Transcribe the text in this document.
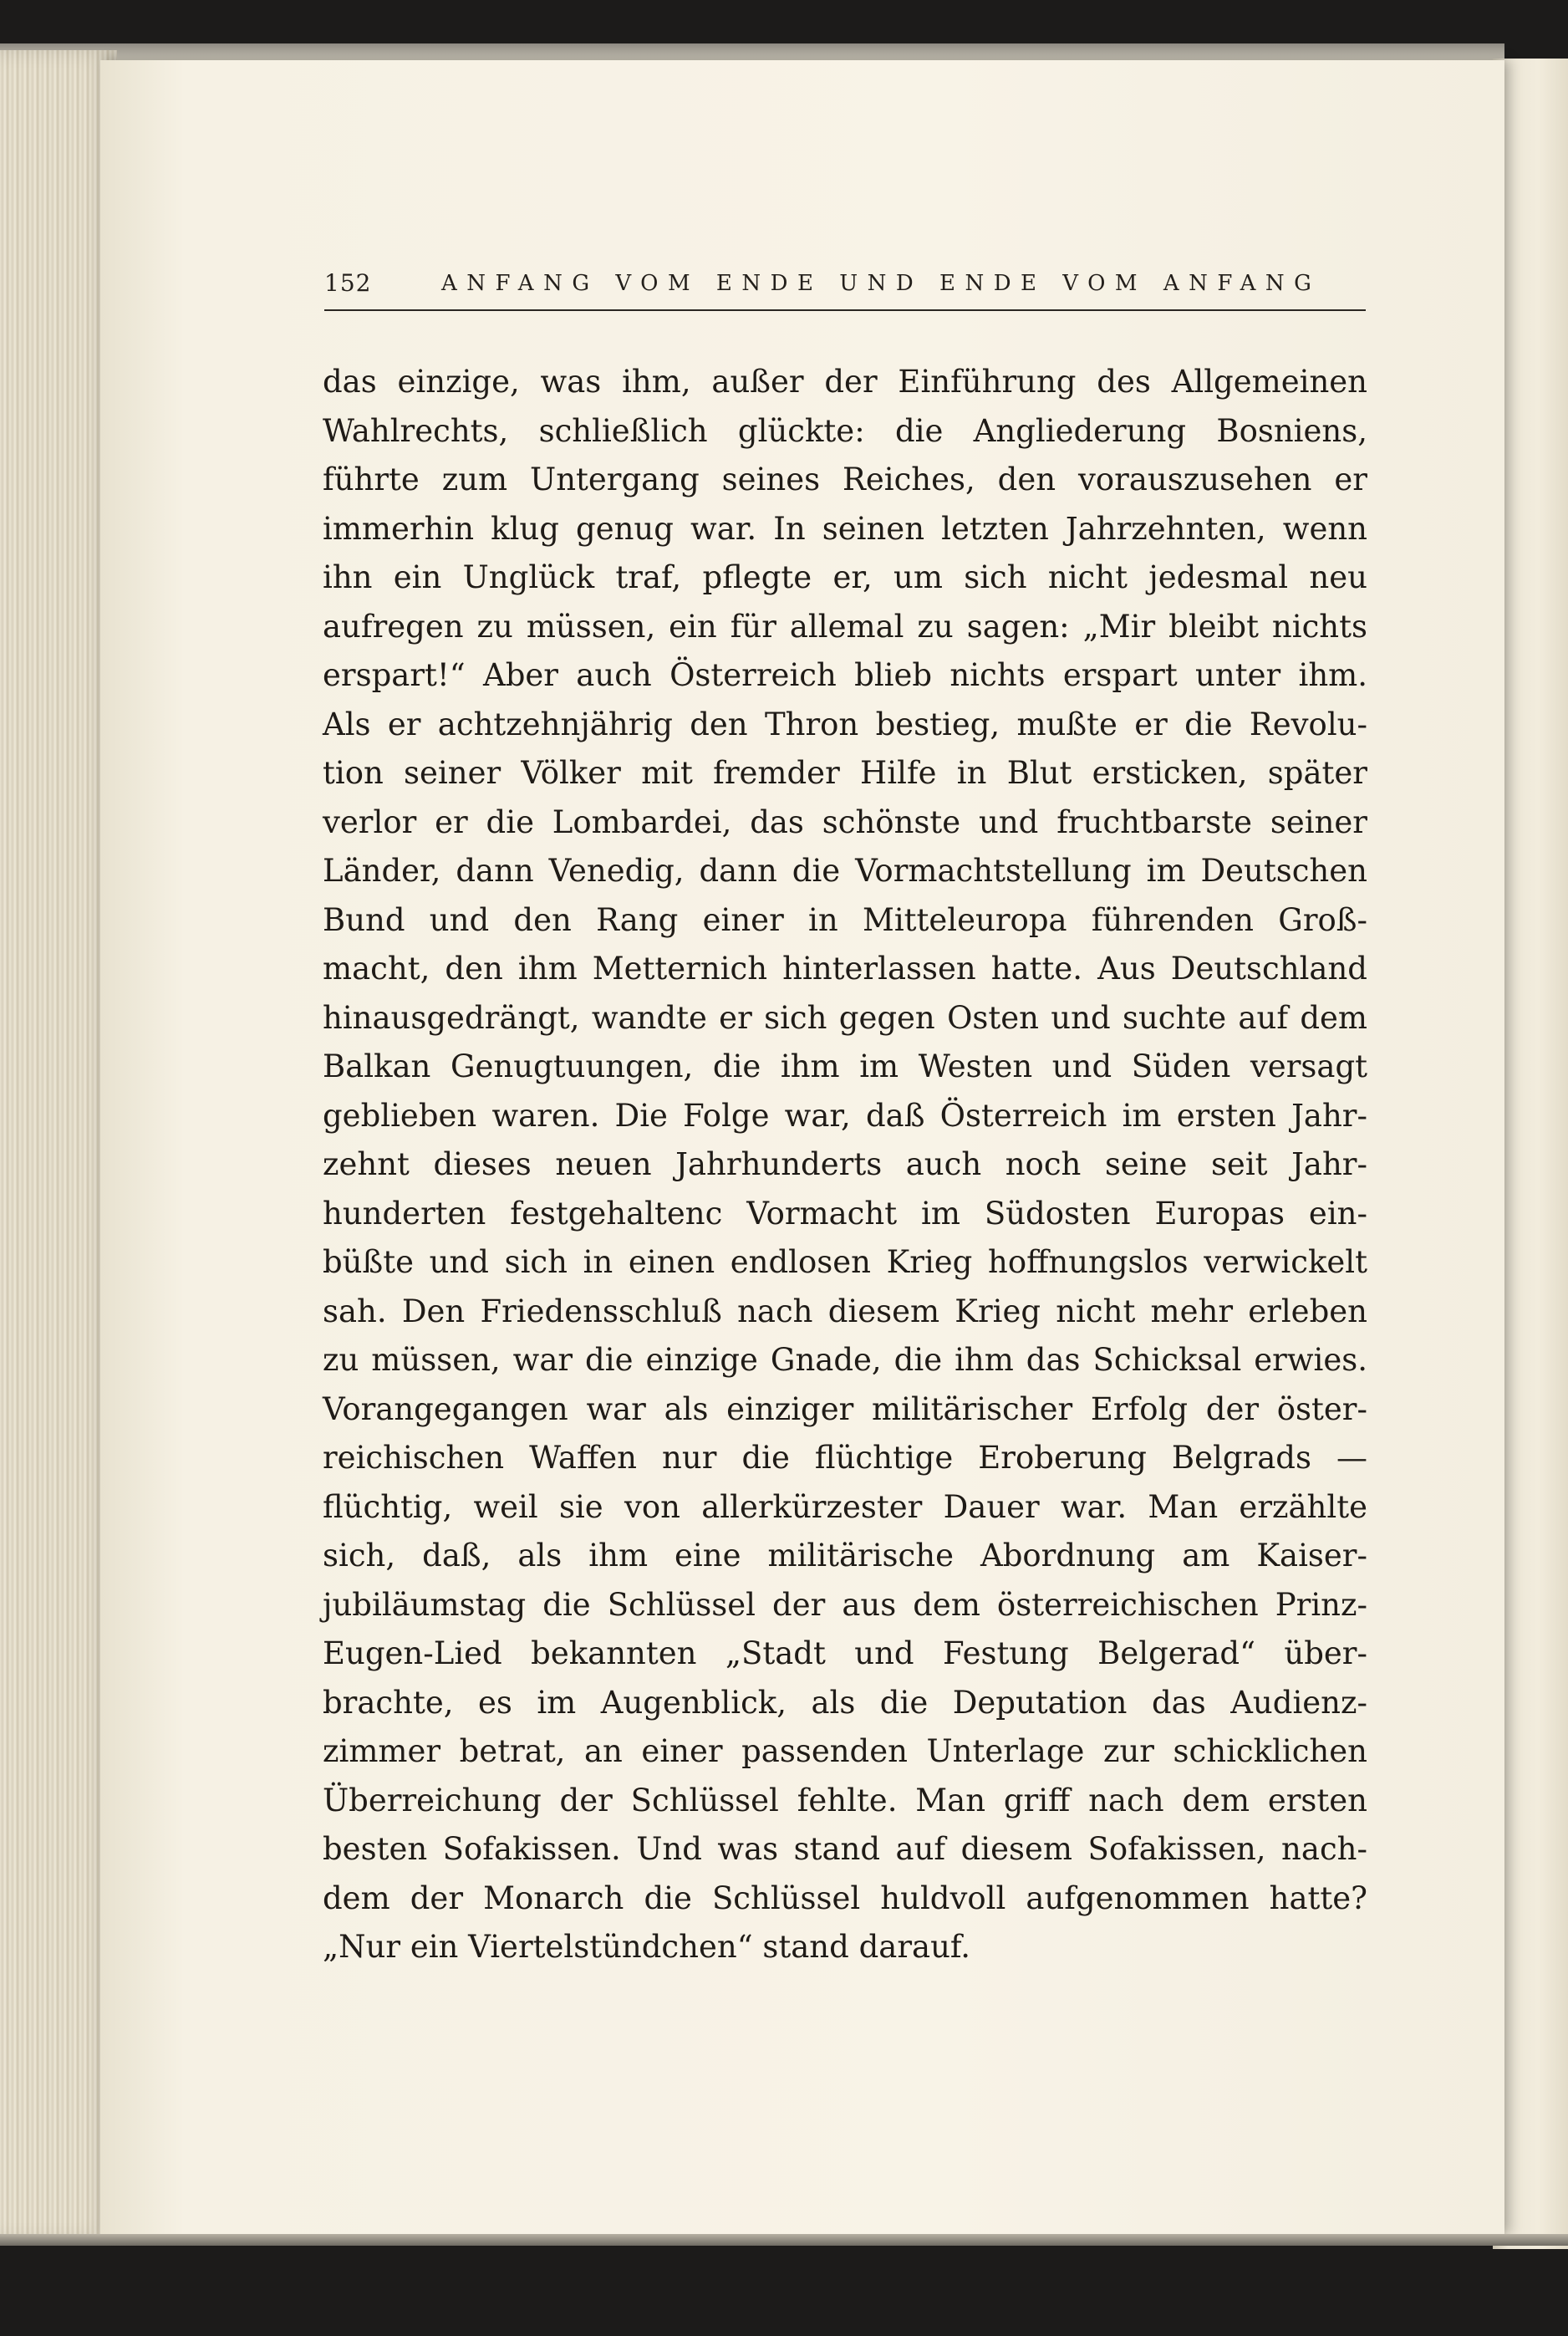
152	ANFANG VOM ENDE UND ENDE VOM ANFANG
das einzige, was ihm, außer der Einführung des Allgemeinen
Wahlrechts, schließlich glückte: die Angliederung Bosniens,
führte zum Untergang seines Reiches, den vorauszusehen er
immerhin klug genug war. In seinen letzten Jahrzehnten, wenn
ihn ein Unglück traf, pflegte er, um sich nicht jedesmal neu
aufregen zu müssen, ein für allemal zu sagen: „Mir bleibt nichts
erspart!“ Aber auch Österreich blieb nichts erspart unter ihm.
Als er achtzehnjährig den Thron bestieg, mußte er die Revolu-
tion seiner Völker mit fremder Hilfe in Blut ersticken, später
verlor er die Lombardei, das schönste und fruchtbarste seiner
Länder, dann Venedig, dann die Vormachtstellung im Deutschen
Bund und den Rang einer in Mitteleuropa führenden Groß-
macht, den ihm Metternich hinterlassen hatte. Aus Deutschland
hinausgedrängt, wandte er sich gegen Osten und suchte auf dem
Balkan Genugtuungen, die ihm im Westen und Süden versagt
geblieben waren. Die Folge war, daß Österreich im ersten Jahr-
zehnt dieses neuen Jahrhunderts auch noch seine seit Jahr-
hunderten festgehaltenc Vormacht im Südosten Europas ein-
büßte und sich in einen endlosen Krieg hoffnungslos verwickelt
sah. Den Friedensschluß nach diesem Krieg nicht mehr erleben
zu müssen, war die einzige Gnade, die ihm das Schicksal erwies.
Vorangegangen war als einziger militärischer Erfolg der öster-
reichischen Waffen nur die flüchtige Eroberung Belgrads —
flüchtig, weil sie von allerkürzester Dauer war. Man erzählte
sich, daß, als ihm eine militärische Abordnung am Kaiser-
jubiläumstag die Schlüssel der aus dem österreichischen Prinz-
Eugen-Lied bekannten „Stadt und Festung Belgerad“ über-
brachte, es im Augenblick, als die Deputation das Audienz-
zimmer betrat, an einer passenden Unterlage zur schicklichen
Überreichung der Schlüssel fehlte. Man griff nach dem ersten
besten Sofakissen. Und was stand auf diesem Sofakissen, nach-
dem der Monarch die Schlüssel huldvoll aufgenommen hatte?
„Nur ein Viertelstündchen“ stand darauf.
